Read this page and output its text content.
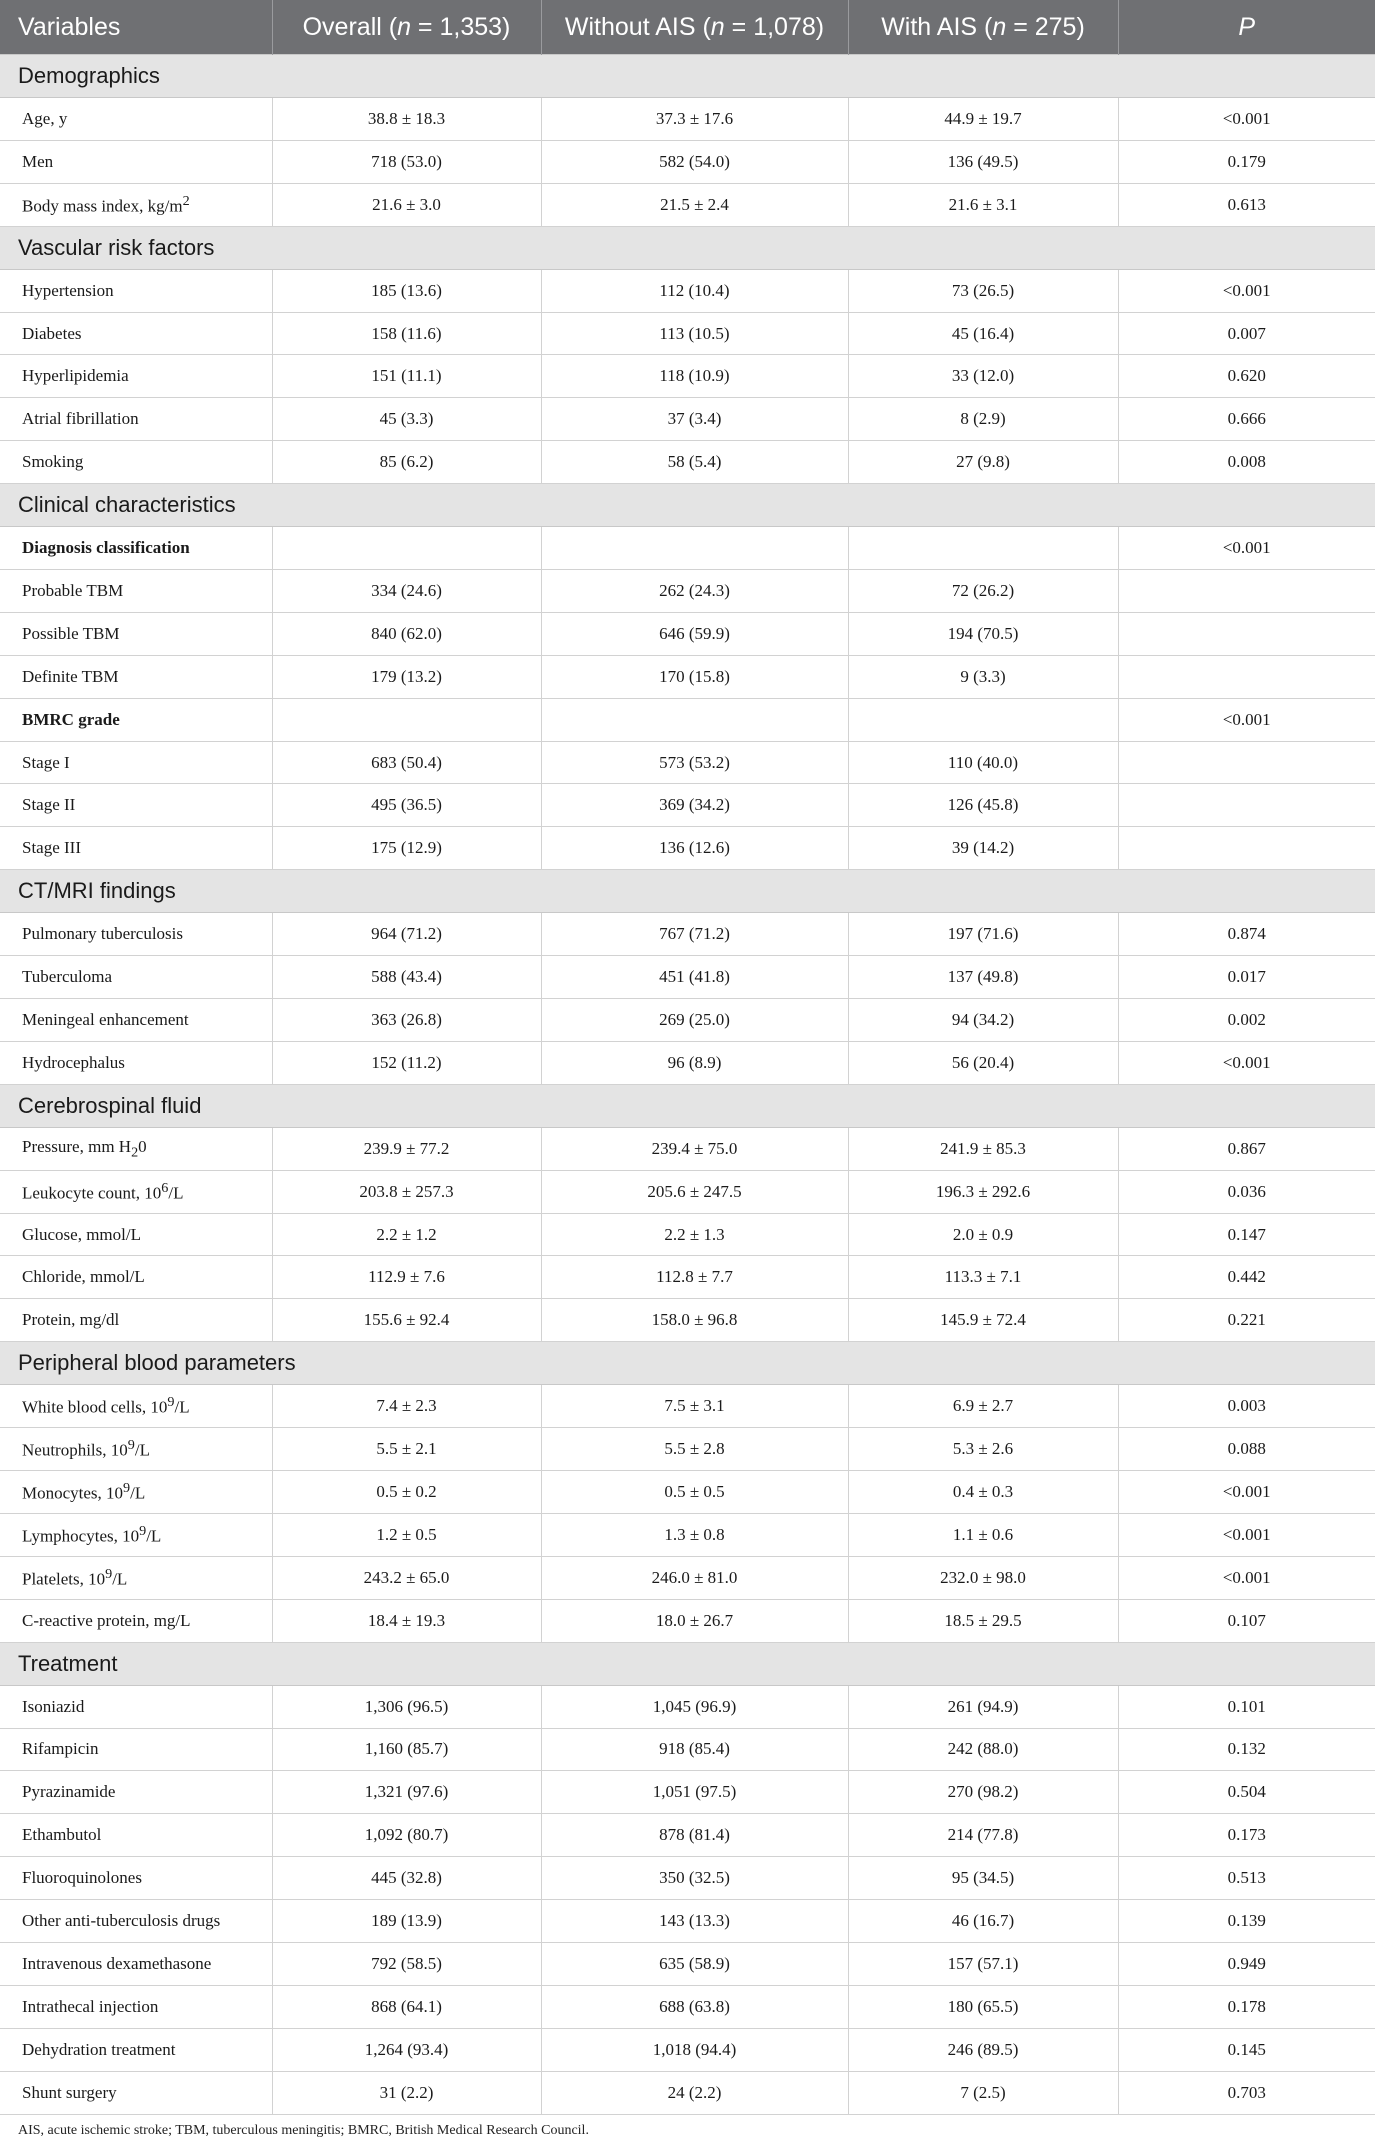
Variables	Overall (n = 1,353)	Without AIS (n = 1,078)	With AIS (n = 275)	P
Demographics				
Age, y	38.8 ± 18.3	37.3 ± 17.6	44.9 ± 19.7	<0.001
Men	718 (53.0)	582 (54.0)	136 (49.5)	0.179
Body mass index, $kg/m^2$	21.6 ± 3.0	21.5 ± 2.4	21.6 ± 3.1	0.613
Vascular risk factors				
Hypertension	185 (13.6)	112 (10.4)	73 (26.5)	<0.001
Diabetes	158 (11.6)	113 (10.5)	45 (16.4)	0.007
Hyperlipidemia	151 (11.1)	118 (10.9)	33 (12.0)	0.620
Atrial fibrillation	45 (3.3)	37 (3.4)	8 (2.9)	0.666
Smoking	85 (6.2)	58 (5.4)	27 (9.8)	0.008
Clinical characteristics				
Diagnosis classification				<0.001
Probable TBM	334 (24.6)	262 (24.3)	72 (26.2)	
Possible TBM	840 (62.0)	646 (59.9)	194 (70.5)	
Definite TBM	179 (13.2)	170 (15.8)	9 (3.3)	
BMRC grade				<0.001
Stage I	683 (50.4)	573 (53.2)	110 (40.0)	
Stage II	495 (36.5)	369 (34.2)	126 (45.8)	
Stage III	175 (12.9)	136 (12.6)	39 (14.2)	
CT/MRI findings				
Pulmonary tuberculosis	964 (71.2)	767 (71.2)	197 (71.6)	0.874
Tuberculoma	588 (43.4)	451 (41.8)	137 (49.8)	0.017
Meningeal enhancement	363 (26.8)	269 (25.0)	94 (34.2)	0.002
Hydrocephalus	152 (11.2)	96 (8.9)	56 (20.4)	<0.001
Cerebrospinal fluid				
Pressure, mm $H_20$	239.9 ± 77.2	239.4 ± 75.0	241.9 ± 85.3	0.867
Leukocyte count, $10^6/L$	203.8 ± 257.3	205.6 ± 247.5	196.3 ± 292.6	0.036
Glucose, mmol/L	2.2 ± 1.2	2.2 ± 1.3	2.0 ± 0.9	0.147
Chloride, mmol/L	112.9 ± 7.6	112.8 ± 7.7	113.3 ± 7.1	0.442
Protein, mg/dl	155.6 ± 92.4	158.0 ± 96.8	145.9 ± 72.4	0.221
Peripheral blood parameters				
White blood cells, $10^9/L$	7.4 ± 2.3	7.5 ± 3.1	6.9 ± 2.7	0.003
Neutrophils, $10^9/L$	5.5 ± 2.1	5.5 ± 2.8	5.3 ± 2.6	0.088
Monocytes, $10^9/L$	0.5 ± 0.2	0.5 ± 0.5	0.4 ± 0.3	<0.001
Lymphocytes, $10^9/L$	1.2 ± 0.5	1.3 ± 0.8	1.1 ± 0.6	<0.001
Platelets, $10^9/L$	243.2 ± 65.0	246.0 ± 81.0	232.0 ± 98.0	<0.001
C-reactive protein, mg/L	18.4 ± 19.3	18.0 ± 26.7	18.5 ± 29.5	0.107
Treatment				
Isoniazid	1,306 (96.5)	1,045 (96.9)	261 (94.9)	0.101
Rifampicin	1,160 (85.7)	918 (85.4)	242 (88.0)	0.132
Pyrazinamide	1,321 (97.6)	1,051 (97.5)	270 (98.2)	0.504
Ethambutol	1,092 (80.7)	878 (81.4)	214 (77.8)	0.173
Fluoroquinolones	445 (32.8)	350 (32.5)	95 (34.5)	0.513
Other anti-tuberculosis drugs	189 (13.9)	143 (13.3)	46 (16.7)	0.139
Intravenous dexamethasone	792 (58.5)	635 (58.9)	157 (57.1)	0.949
Intrathecal injection	868 (64.1)	688 (63.8)	180 (65.5)	0.178
Dehydration treatment	1,264 (93.4)	1,018 (94.4)	246 (89.5)	0.145
Shunt surgery	31 (2.2)	24 (2.2)	7 (2.5)	0.703
AIS, acute ischemic stroke; TBM, tuberculous meningitis; BMRC, British Medical Research Council.				
